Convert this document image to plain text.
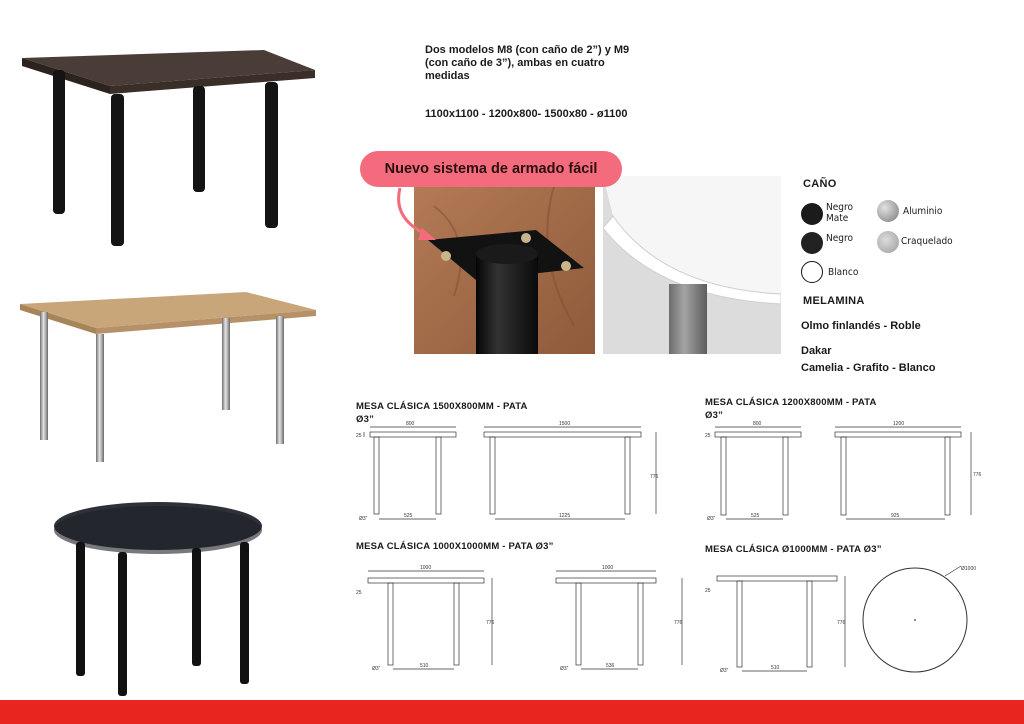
Dos modelos M8 (con caño de 2”) y M9
(con caño de 3”), ambas en cuatro
medidas
1100x1100 - 1200x800- 1500x80 - ø1100
Nuevo sistema de armado fácil
CAÑO
Negro
Mate
Aluminio
Negro	Craquelado
Blanco
MELAMINA
Olmo finlandés - Roble
Dakar
Camelia - Grafito - Blanco
MESA CLÁSICA 1500X800MM - PATA
Ø3”	800
25
Ø3”	525
1500
1225
776
MESA CLÁSICA 1200X800MM - PATA
Ø3”
800
25
Ø3”	525
1200
925
776
MESA CLÁSICA 1000X1000MM - PATA Ø3”
1000
25
Ø3”	510
776
1000
Ø3”	536
776
MESA CLÁSICA Ø1000MM - PATA Ø3”
25
Ø3”	510
776
Ø1000
